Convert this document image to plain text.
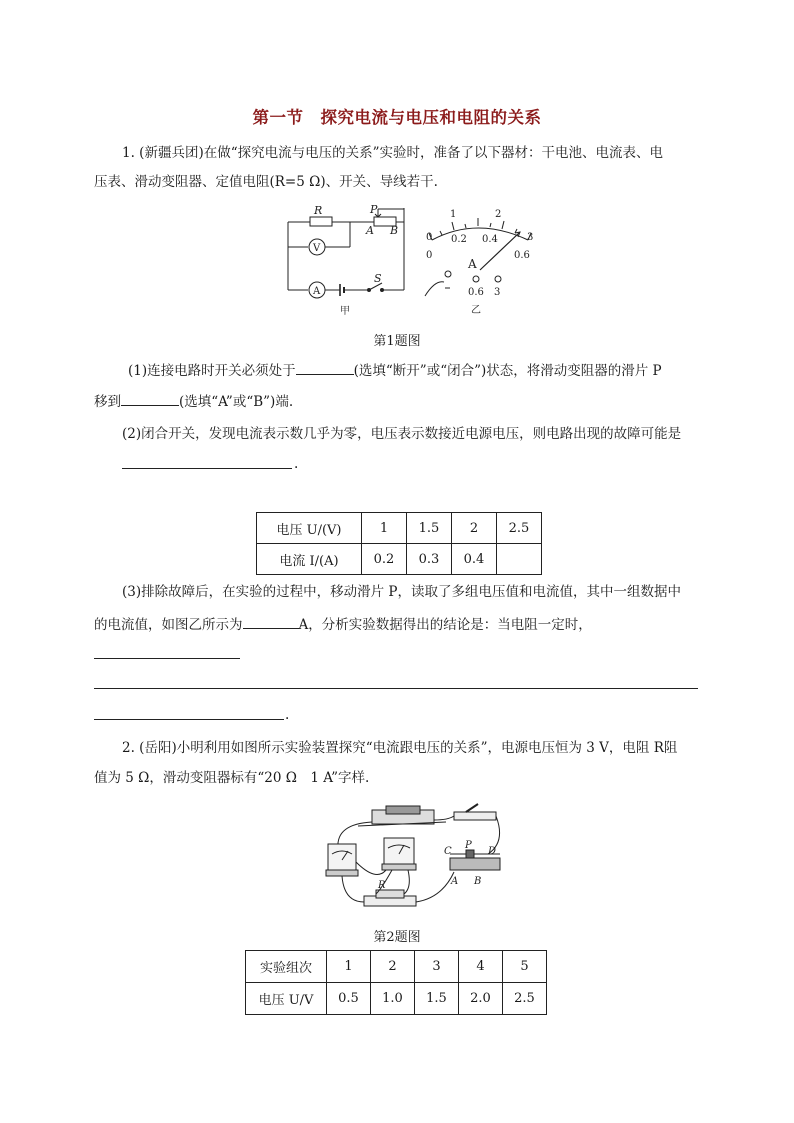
第一节　探究电流与电压和电阻的关系
1. (新疆兵团)在做“探究电流与电压的关系”实验时，准备了以下器材：干电池、电流表、电
压表、滑动变阻器、定值电阻(R=5 Ω)、开关、导线若干.
R	P
A B
V
A
S
甲
0
1	2
3
0.2 0.4
0	0.6
A
0.6 3
乙
第1题图
(1)连接电路时开关必须处于	(选填“断开”或“闭合”)状态，将滑动变阻器的滑片 P
移到	(选填“A”或“B”)端.
(2)闭合开关，发现电流表示数几乎为零，电压表示数接近电源电压，则电路出现的故障可能是
.
电压 U/(V)	1	1.5	2	2.5
电流 I/(A)	0.2	0.3	0.4	
(3)排除故障后，在实验的过程中，移动滑片 P，读取了多组电压值和电流值，其中一组数据中
的电流值，如图乙所示为	A，分析实验数据得出的结论是：当电阻一定时，
.
2. (岳阳)小明利用如图所示实验装置探究“电流跟电压的关系”，电源电压恒为 3 V，电阻 R阻
值为 5 Ω，滑动变阻器标有“20 Ω　1 A”字样.
R
C
P
D
A B
第2题图
实验组次	1	2	3	4	5
电压 U/V	0.5	1.0	1.5	2.0	2.5
